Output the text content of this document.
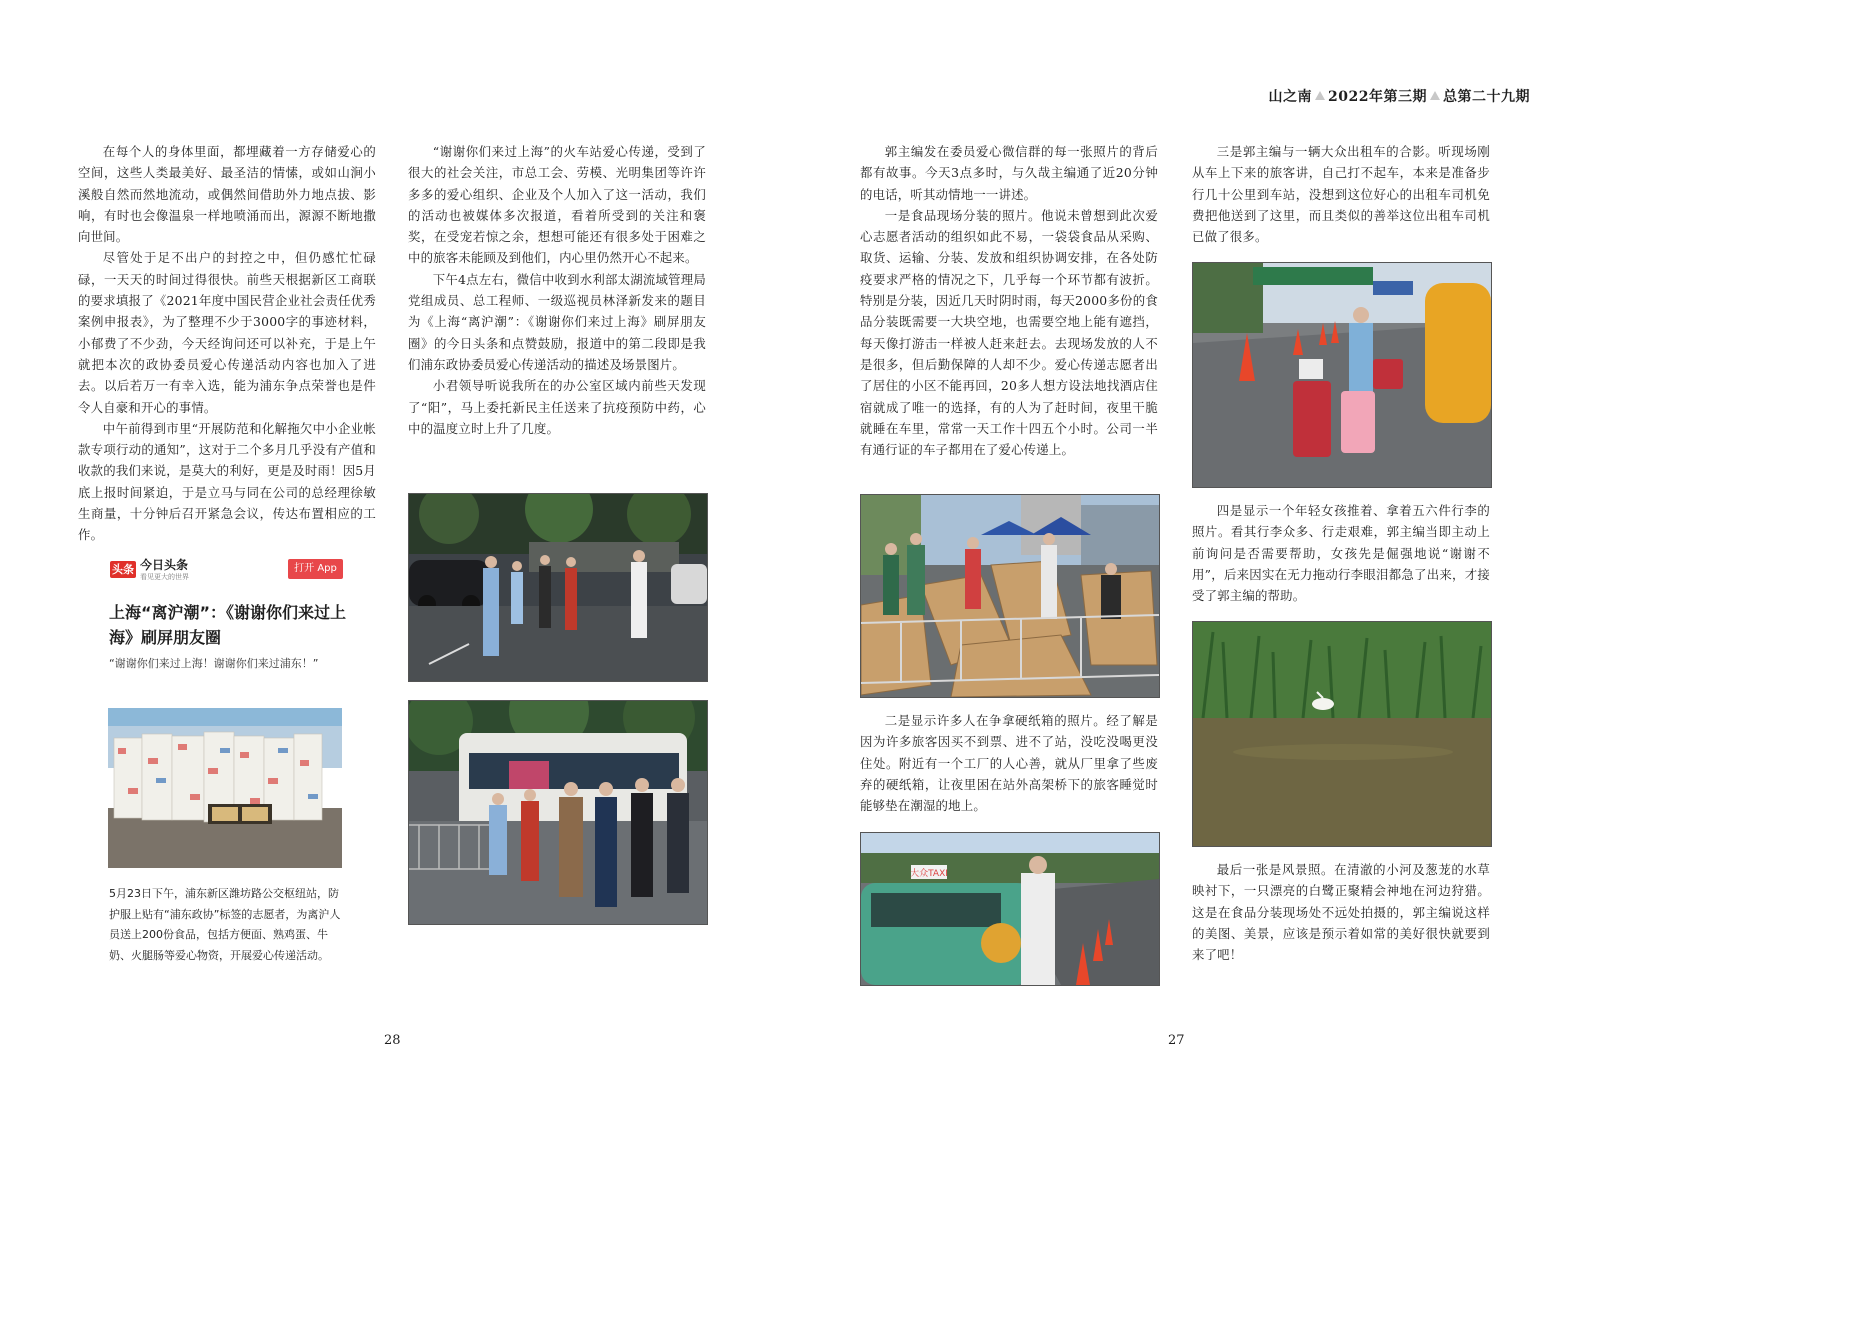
山之南 2022年第三期 总第二十九期

在每个人的身体里面，都埋藏着一方存储爱心的空间，这些人类最美好、最圣洁的情愫，或如山涧小溪般自然而然地流动，或偶然间借助外力地点拔、影响，有时也会像温泉一样地喷涌而出，源源不断地撒向世间。

尽管处于足不出户的封控之中，但仍感忙忙碌碌，一天天的时间过得很快。前些天根据新区工商联的要求填报了《2021年度中国民营企业社会责任优秀案例申报表》，为了整理不少于3000字的事迹材料，小郁费了不少劲，今天经询问还可以补充，于是上午就把本次的政协委员爱心传递活动内容也加入了进去。以后若万一有幸入选，能为浦东争点荣誉也是件令人自豪和开心的事情。

中午前得到市里“开展防范和化解拖欠中小企业帐款专项行动的通知”，这对于二个多月几乎没有产值和收款的我们来说，是莫大的利好，更是及时雨！因5月底上报时间紧迫，于是立马与同在公司的总经理徐敏生商量，十分钟后召开紧急会议，传达布置相应的工作。

头条 今日头条
看见更大的世界
打开 App
上海“离沪潮”：《谢谢你们来过上海》刷屏朋友圈
“谢谢你们来过上海！谢谢你们来过浦东！”
5月23日下午，浦东新区潍坊路公交枢纽站，防护服上贴有“浦东政协”标签的志愿者，为离沪人员送上200份食品，包括方便面、熟鸡蛋、牛奶、火腿肠等爱心物资，开展爱心传递活动。

“谢谢你们来过上海”的火车站爱心传递，受到了很大的社会关注，市总工会、劳模、光明集团等许许多多的爱心组织、企业及个人加入了这一活动，我们的活动也被媒体多次报道，看着所受到的关注和褒奖，在受宠若惊之余，想想可能还有很多处于困难之中的旅客未能顾及到他们，内心里仍然开心不起来。

下午4点左右，微信中收到水利部太湖流域管理局党组成员、总工程师、一级巡视员林泽新发来的题目为《上海“离沪潮”：《谢谢你们来过上海》刷屏朋友圈》的今日头条和点赞鼓励，报道中的第二段即是我们浦东政协委员爱心传递活动的描述及场景图片。

小君领导听说我所在的办公室区域内前些天发现了“阳”，马上委托新民主任送来了抗疫预防中药，心中的温度立时上升了几度。

28

郭主编发在委员爱心微信群的每一张照片的背后都有故事。今天3点多时，与久哉主编通了近20分钟的电话，听其动情地一一讲述。

一是食品现场分装的照片。他说未曾想到此次爱心志愿者活动的组织如此不易，一袋袋食品从采购、取货、运输、分装、发放和组织协调安排，在各处防疫要求严格的情况之下，几乎每一个环节都有波折。特别是分装，因近几天时阴时雨，每天2000多份的食品分装既需要一大块空地，也需要空地上能有遮挡，每天像打游击一样被人赶来赶去。去现场发放的人不是很多，但后勤保障的人却不少。爱心传递志愿者出了居住的小区不能再回，20多人想方设法地找酒店住宿就成了唯一的选择，有的人为了赶时间，夜里干脆就睡在车里，常常一天工作十四五个小时。公司一半有通行证的车子都用在了爱心传递上。

二是显示许多人在争拿硬纸箱的照片。经了解是因为许多旅客因买不到票、进不了站，没吃没喝更没住处。附近有一个工厂的人心善，就从厂里拿了些废弃的硬纸箱，让夜里困在站外高架桥下的旅客睡觉时能够垫在潮湿的地上。

大众TAXI

三是郭主编与一辆大众出租车的合影。听现场刚从车上下来的旅客讲，自己打不起车，本来是准备步行几十公里到车站，没想到这位好心的出租车司机免费把他送到了这里，而且类似的善举这位出租车司机已做了很多。

四是显示一个年轻女孩推着、拿着五六件行李的照片。看其行李众多、行走艰难，郭主编当即主动上前询问是否需要帮助，女孩先是倔强地说“谢谢不用”，后来因实在无力拖动行李眼泪都急了出来，才接受了郭主编的帮助。

最后一张是风景照。在清澈的小河及葱茏的水草映衬下，一只漂亮的白鹭正聚精会神地在河边狩猎。这是在食品分装现场处不远处拍摄的，郭主编说这样的美图、美景，应该是预示着如常的美好很快就要到来了吧！

27
